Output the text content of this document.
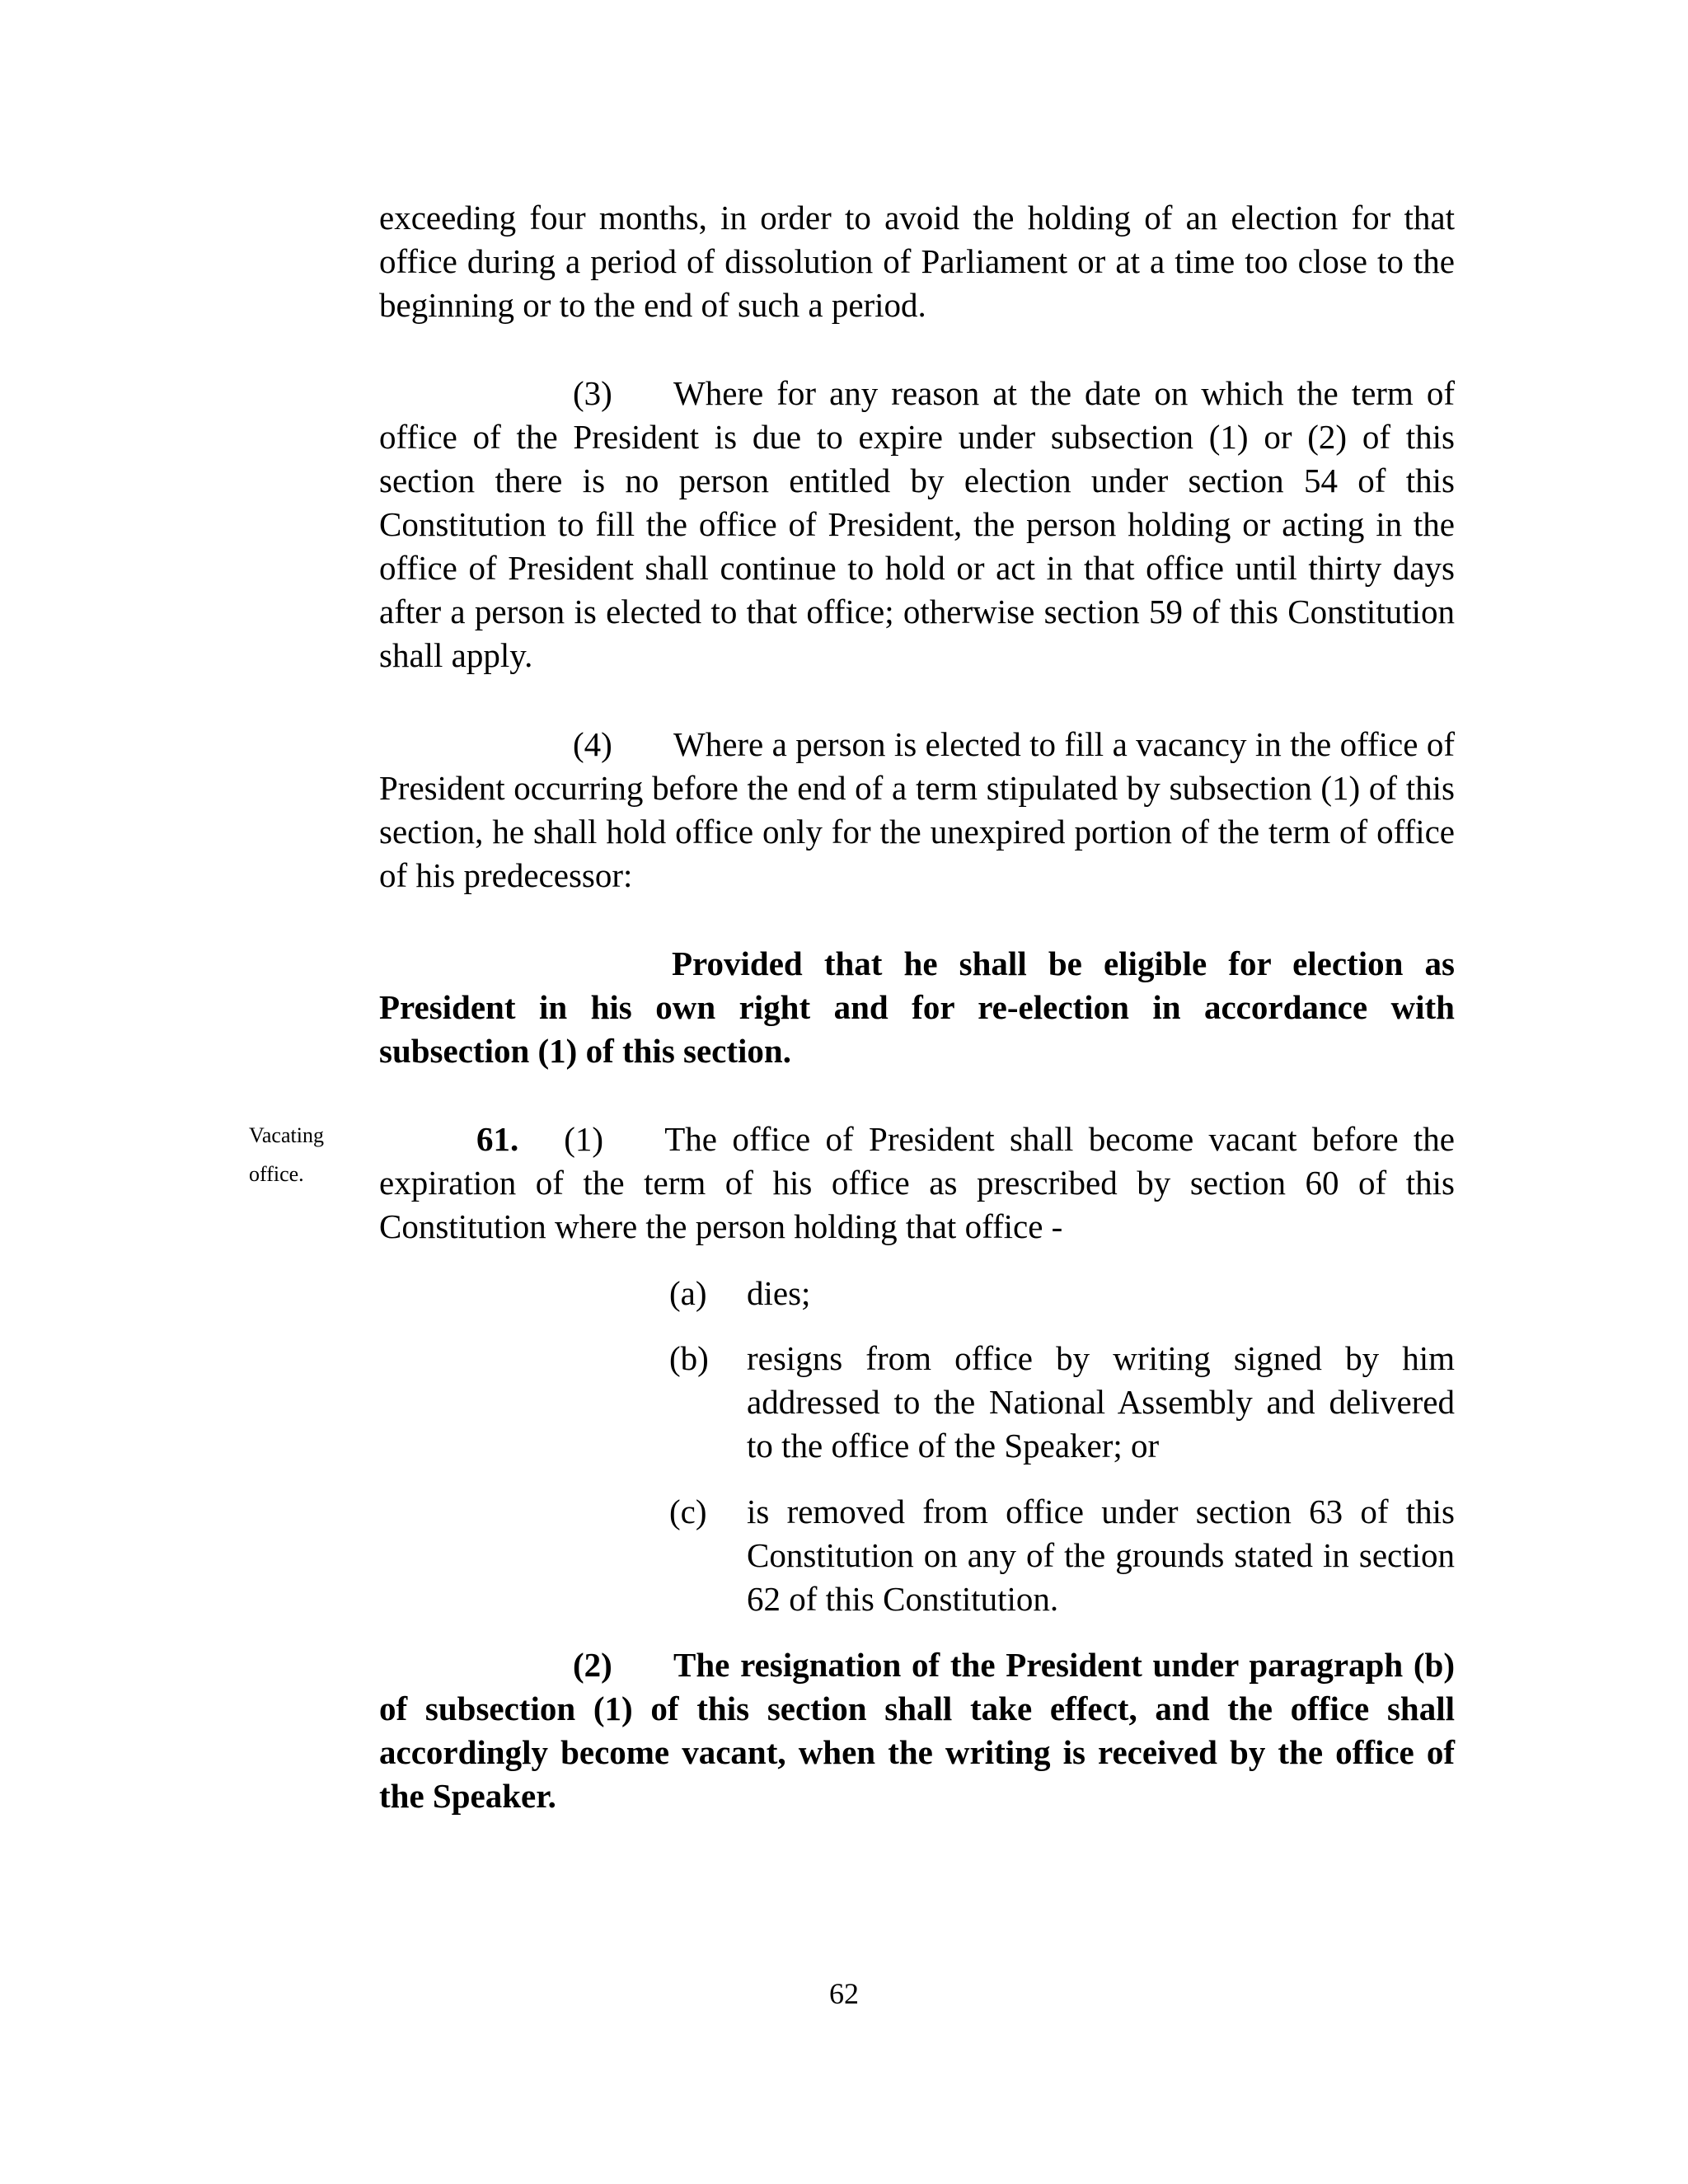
exceeding four months, in order to avoid the holding of an election for that office during a period of dissolution of Parliament or at a time too close to the beginning or to the end of such a period.

(3) Where for any reason at the date on which the term of office of the President is due to expire under subsection (1) or (2) of this section there is no person entitled by election under section 54 of this Constitution to fill the office of President, the person holding or acting in the office of President shall continue to hold or act in that office until thirty days after a person is elected to that office; otherwise section 59 of this Constitution shall apply.

(4) Where a person is elected to fill a vacancy in the office of President occurring before the end of a term stipulated by subsection (1) of this section, he shall hold office only for the unexpired portion of the term of office of his predecessor:

Provided that he shall be eligible for election as President in his own right and for re-election in accordance with subsection (1) of this section.

Vacating
office.

61. (1) The office of President shall become vacant before the expiration of the term of his office as prescribed by section 60 of this Constitution where the person holding that office -

(a) dies;
(b) resigns from office by writing signed by him addressed to the National Assembly and delivered to the office of the Speaker; or
(c) is removed from office under section 63 of this Constitution on any of the grounds stated in section 62 of this Constitution.

(2) The resignation of the President under paragraph (b) of subsection (1) of this section shall take effect, and the office shall accordingly become vacant, when the writing is received by the office of the Speaker.

62
